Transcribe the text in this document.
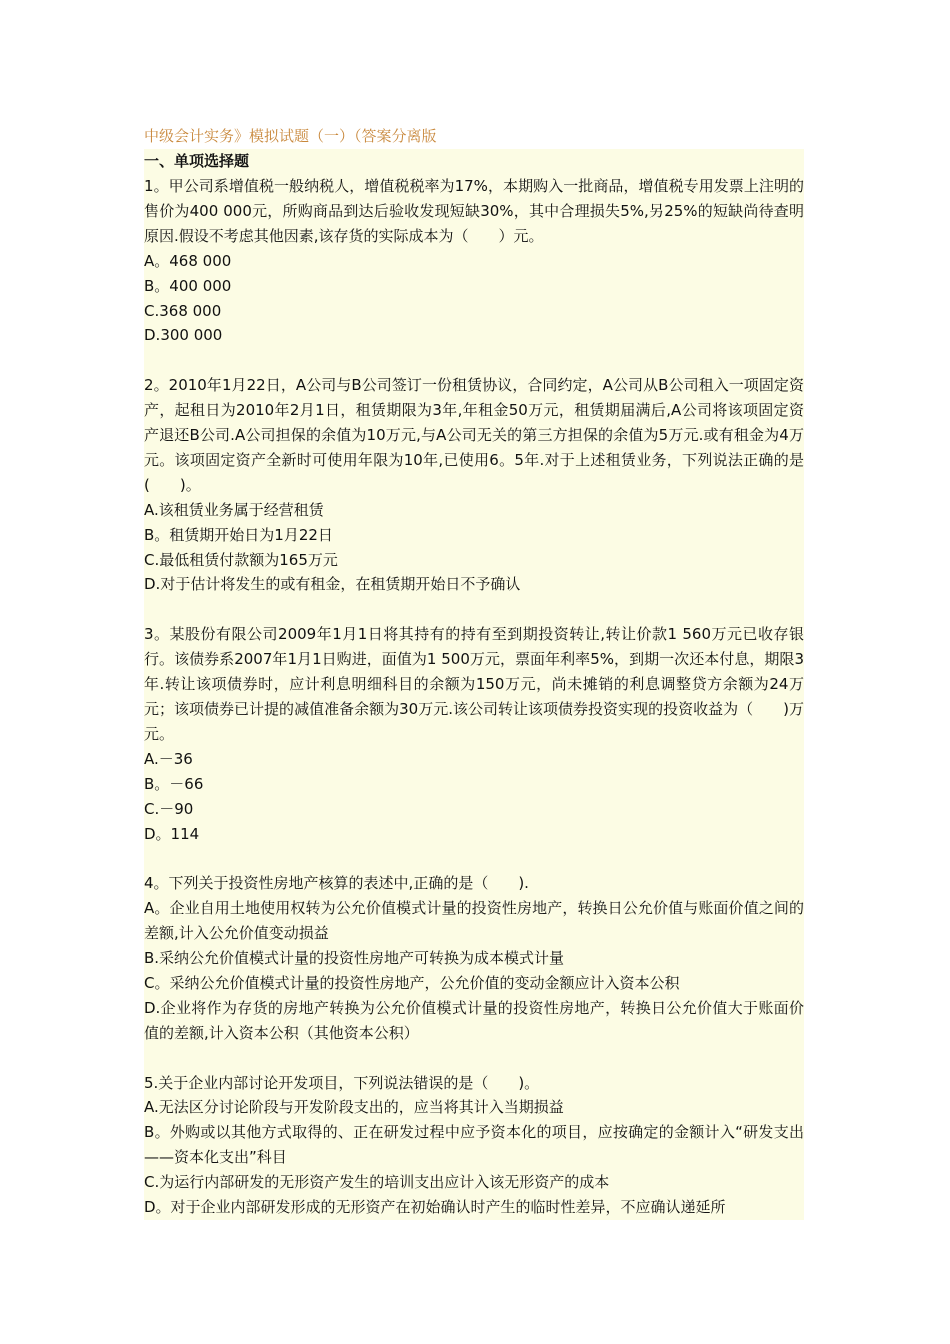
中级会计实务》模拟试题（一）（答案分离版
一、单项选择题

1。甲公司系增值税一般纳税人，增值税税率为17%，本期购入一批商品，增值税专用发票上注明的售价为400 000元，所购商品到达后验收发现短缺30%，其中合理损失5%,另25%的短缺尚待查明原因.假设不考虑其他因素,该存货的实际成本为（　　）元。

A。468 000

B。400 000

C.368 000

D.300 000

2。2010年1月22日，A公司与B公司签订一份租赁协议，合同约定，A公司从B公司租入一项固定资产，起租日为2010年2月1日，租赁期限为3年,年租金50万元，租赁期届满后,A公司将该项固定资产退还B公司.A公司担保的余值为10万元,与A公司无关的第三方担保的余值为5万元.或有租金为4万元。该项固定资产全新时可使用年限为10年,已使用6。5年.对于上述租赁业务，下列说法正确的是(　　)。

A.该租赁业务属于经营租赁

B。租赁期开始日为1月22日

C.最低租赁付款额为165万元

D.对于估计将发生的或有租金，在租赁期开始日不予确认

3。某股份有限公司2009年1月1日将其持有的持有至到期投资转让,转让价款1 560万元已收存银行。该债券系2007年1月1日购进，面值为1 500万元，票面年利率5%，到期一次还本付息，期限3年.转让该项债券时，应计利息明细科目的余额为150万元，尚未摊销的利息调整贷方余额为24万元；该项债券已计提的减值准备余额为30万元.该公司转让该项债券投资实现的投资收益为（　　)万元。

A.－36

B。－66

C.－90

D。114

4。下列关于投资性房地产核算的表述中,正确的是（　　).

A。企业自用土地使用权转为公允价值模式计量的投资性房地产，转换日公允价值与账面价值之间的差额,计入公允价值变动损益

B.采纳公允价值模式计量的投资性房地产可转换为成本模式计量

C。采纳公允价值模式计量的投资性房地产，公允价值的变动金额应计入资本公积

D.企业将作为存货的房地产转换为公允价值模式计量的投资性房地产，转换日公允价值大于账面价值的差额,计入资本公积（其他资本公积）

5.关于企业内部讨论开发项目，下列说法错误的是（　　)。

A.无法区分讨论阶段与开发阶段支出的，应当将其计入当期损益

B。外购或以其他方式取得的、正在研发过程中应予资本化的项目，应按确定的金额计入“研发支出——资本化支出”科目

C.为运行内部研发的无形资产发生的培训支出应计入该无形资产的成本

D。对于企业内部研发形成的无形资产在初始确认时产生的临时性差异，不应确认递延所
